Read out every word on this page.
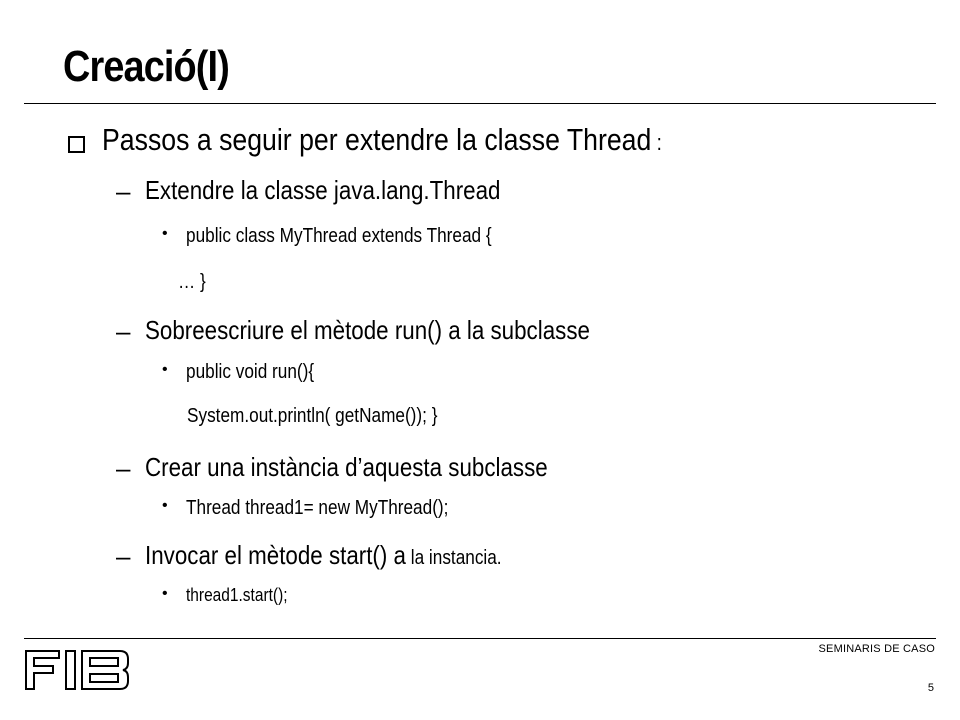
Creació(I)
Passos a seguir per extendre la classe Thread :
– Extendre la classe java.lang.Thread
• public class MyThread extends Thread {
… }
– Sobreescriure el mètode run() a la subclasse
• public void run(){
System.out.println( getName()); }
– Crear una instància d’aquesta subclasse
• Thread thread1= new MyThread();
– Invocar el mètode start() a la instancia.
• thread1.start();
SEMINARIS DE CASO
5
